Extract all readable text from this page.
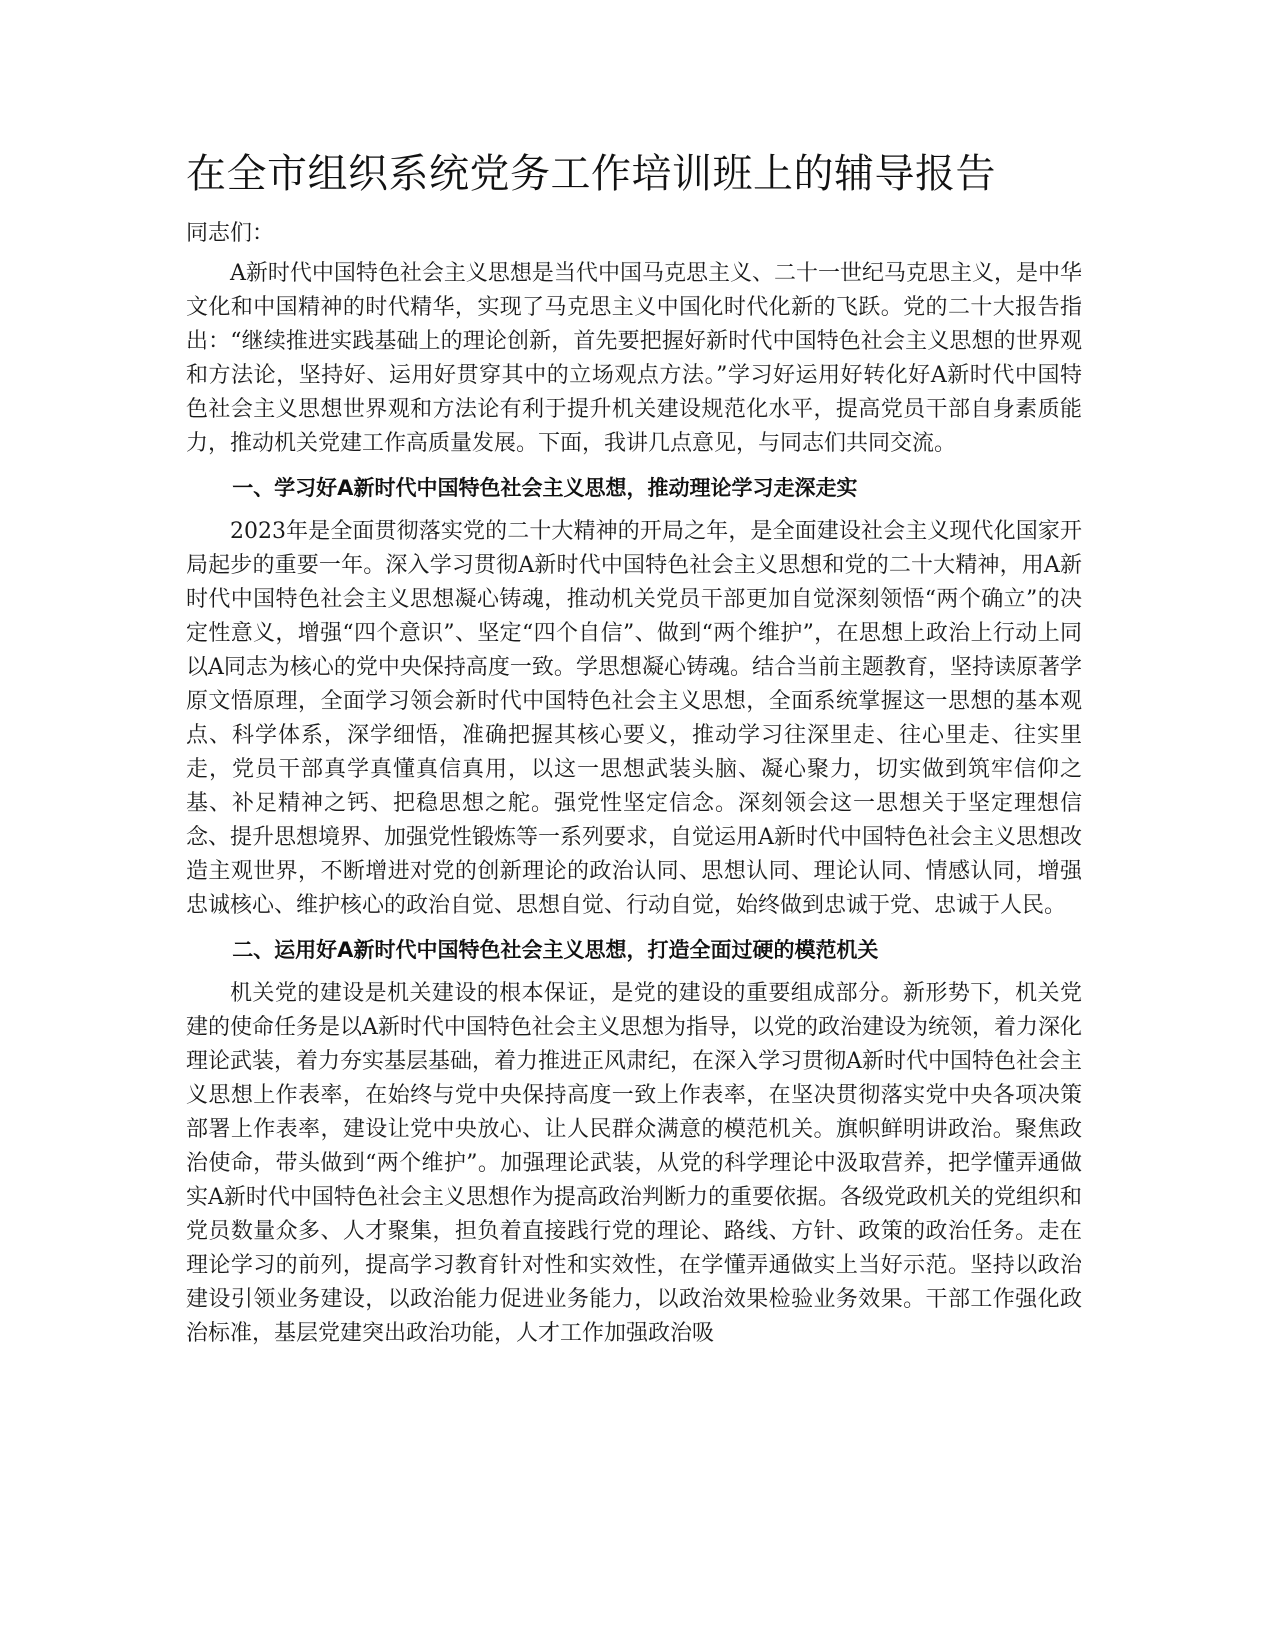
在全市组织系统党务工作培训班上的辅导报告

同志们：

A新时代中国特色社会主义思想是当代中国马克思主义、二十一世纪马克思主义，是中华文化和中国精神的时代精华，实现了马克思主义中国化时代化新的飞跃。党的二十大报告指出：“继续推进实践基础上的理论创新，首先要把握好新时代中国特色社会主义思想的世界观和方法论，坚持好、运用好贯穿其中的立场观点方法。”学习好运用好转化好A新时代中国特色社会主义思想世界观和方法论有利于提升机关建设规范化水平，提高党员干部自身素质能力，推动机关党建工作高质量发展。下面，我讲几点意见，与同志们共同交流。

一、学习好A新时代中国特色社会主义思想，推动理论学习走深走实

2023年是全面贯彻落实党的二十大精神的开局之年，是全面建设社会主义现代化国家开局起步的重要一年。深入学习贯彻A新时代中国特色社会主义思想和党的二十大精神，用A新时代中国特色社会主义思想凝心铸魂，推动机关党员干部更加自觉深刻领悟“两个确立”的决定性意义，增强“四个意识”、坚定“四个自信”、做到“两个维护”，在思想上政治上行动上同以A同志为核心的党中央保持高度一致。学思想凝心铸魂。结合当前主题教育，坚持读原著学原文悟原理，全面学习领会新时代中国特色社会主义思想，全面系统掌握这一思想的基本观点、科学体系，深学细悟，准确把握其核心要义，推动学习往深里走、往心里走、往实里走，党员干部真学真懂真信真用，以这一思想武装头脑、凝心聚力，切实做到筑牢信仰之基、补足精神之钙、把稳思想之舵。强党性坚定信念。深刻领会这一思想关于坚定理想信念、提升思想境界、加强党性锻炼等一系列要求，自觉运用A新时代中国特色社会主义思想改造主观世界，不断增进对党的创新理论的政治认同、思想认同、理论认同、情感认同，增强忠诚核心、维护核心的政治自觉、思想自觉、行动自觉，始终做到忠诚于党、忠诚于人民。

二、运用好A新时代中国特色社会主义思想，打造全面过硬的模范机关

机关党的建设是机关建设的根本保证，是党的建设的重要组成部分。新形势下，机关党建的使命任务是以A新时代中国特色社会主义思想为指导，以党的政治建设为统领，着力深化理论武装，着力夯实基层基础，着力推进正风肃纪，在深入学习贯彻A新时代中国特色社会主义思想上作表率，在始终与党中央保持高度一致上作表率，在坚决贯彻落实党中央各项决策部署上作表率，建设让党中央放心、让人民群众满意的模范机关。旗帜鲜明讲政治。聚焦政治使命，带头做到“两个维护”。加强理论武装，从党的科学理论中汲取营养，把学懂弄通做实A新时代中国特色社会主义思想作为提高政治判断力的重要依据。各级党政机关的党组织和党员数量众多、人才聚集，担负着直接践行党的理论、路线、方针、政策的政治任务。走在理论学习的前列，提高学习教育针对性和实效性，在学懂弄通做实上当好示范。坚持以政治建设引领业务建设，以政治能力促进业务能力，以政治效果检验业务效果。干部工作强化政治标准，基层党建突出政治功能，人才工作加强政治吸
